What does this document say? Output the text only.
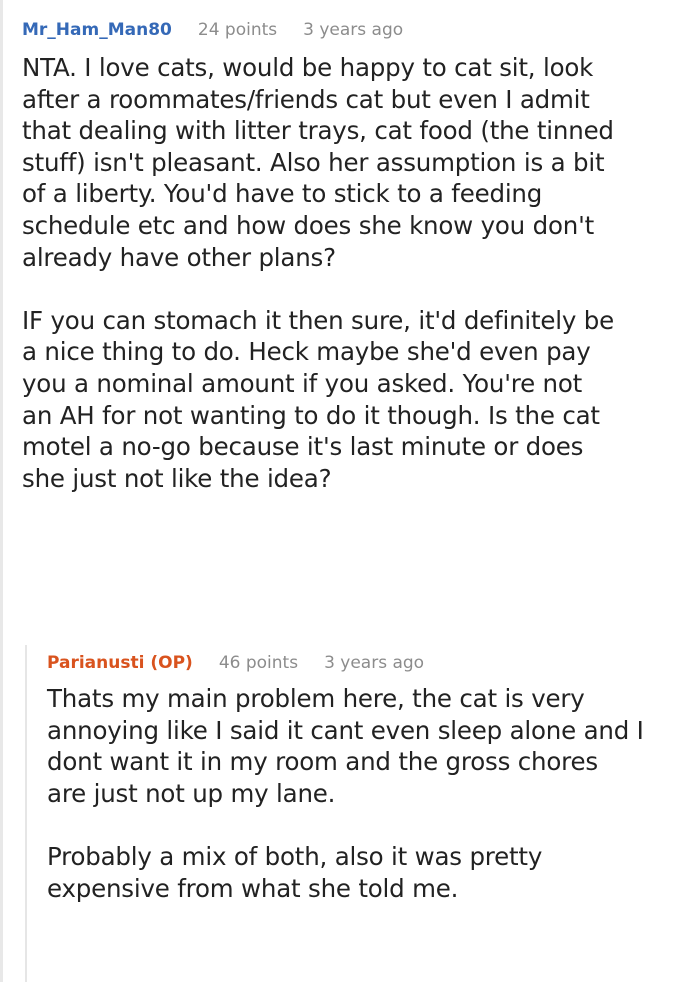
Mr_Ham_Man80 24 points 3 years ago
NTA. I love cats, would be happy to cat sit, look
after a roommates/friends cat but even I admit
that dealing with litter trays, cat food (the tinned
stuff) isn't pleasant. Also her assumption is a bit
of a liberty. You'd have to stick to a feeding
schedule etc and how does she know you don't
already have other plans?
IF you can stomach it then sure, it'd definitely be
a nice thing to do. Heck maybe she'd even pay
you a nominal amount if you asked. You're not
an AH for not wanting to do it though. Is the cat
motel a no-go because it's last minute or does
she just not like the idea?
Parianusti (OP) 46 points 3 years ago
Thats my main problem here, the cat is very
annoying like I said it cant even sleep alone and I
dont want it in my room and the gross chores
are just not up my lane.
Probably a mix of both, also it was pretty
expensive from what she told me.
